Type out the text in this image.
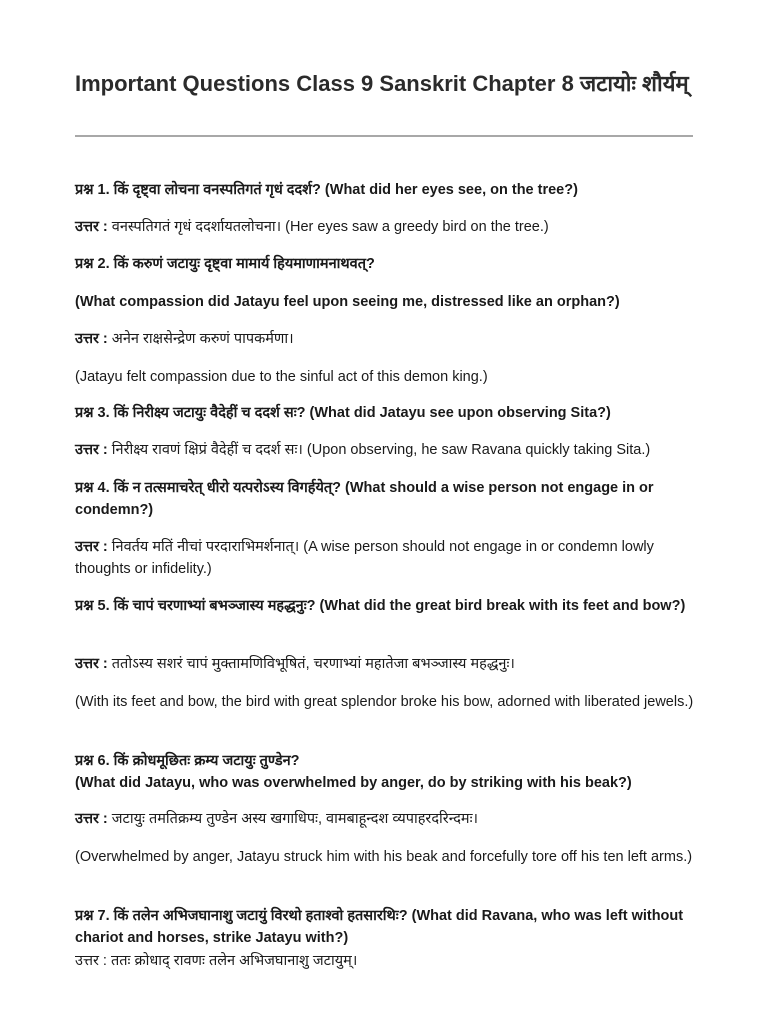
Important Questions Class 9 Sanskrit Chapter 8 जटायोः शौर्यम्

प्रश्न 1. किं दृष्ट्वा लोचना वनस्पतिगतं गृधं ददर्श? (What did her eyes see, on the tree?)

उत्तर : वनस्पतिगतं गृधं ददर्शायतलोचना। (Her eyes saw a greedy bird on the tree.)

प्रश्न 2. किं करुणं जटायुः दृष्ट्वा मामार्य हियमाणामनाथवत्?

(What compassion did Jatayu feel upon seeing me, distressed like an orphan?)

उत्तर : अनेन राक्षसेन्द्रेण करुणं पापकर्मणा।

(Jatayu felt compassion due to the sinful act of this demon king.)

प्रश्न 3. किं निरीक्ष्य जटायुः वैदेहीं च ददर्श सः? (What did Jatayu see upon observing Sita?)

उत्तर : निरीक्ष्य रावणं क्षिप्रं वैदेहीं च ददर्श सः। (Upon observing, he saw Ravana quickly taking Sita.)

प्रश्न 4. किं न तत्समाचरेत् धीरो यत्परोऽस्य विगर्हयेत्? (What should a wise person not engage in or condemn?)

उत्तर : निवर्तय मतिं नीचां परदाराभिमर्शनात्। (A wise person should not engage in or condemn lowly thoughts or infidelity.)

प्रश्न 5. किं चापं चरणाभ्यां बभञ्जास्य महद्धनुः? (What did the great bird break with its feet and bow?)

उत्तर : ततोऽस्य सशरं चापं मुक्तामणिविभूषितं, चरणाभ्यां महातेजा बभञ्जास्य महद्धनुः।

(With its feet and bow, the bird with great splendor broke his bow, adorned with liberated jewels.)

प्रश्न 6. किं क्रोधमूछितः क्रम्य जटायुः तुण्डेन?

(What did Jatayu, who was overwhelmed by anger, do by striking with his beak?)

उत्तर : जटायुः तमतिक्रम्य तुण्डेन अस्य खगाधिपः, वामबाहून्दश व्यपाहरदरिन्दमः।

(Overwhelmed by anger, Jatayu struck him with his beak and forcefully tore off his ten left arms.)

प्रश्न 7. किं तलेन अभिजघानाशु जटायुं विरथो हताश्वो हतसारथिः? (What did Ravana, who was left without chariot and horses, strike Jatayu with?)

उत्तर : ततः क्रोधाद् रावणः तलेन अभिजघानाशु जटायुम्।
